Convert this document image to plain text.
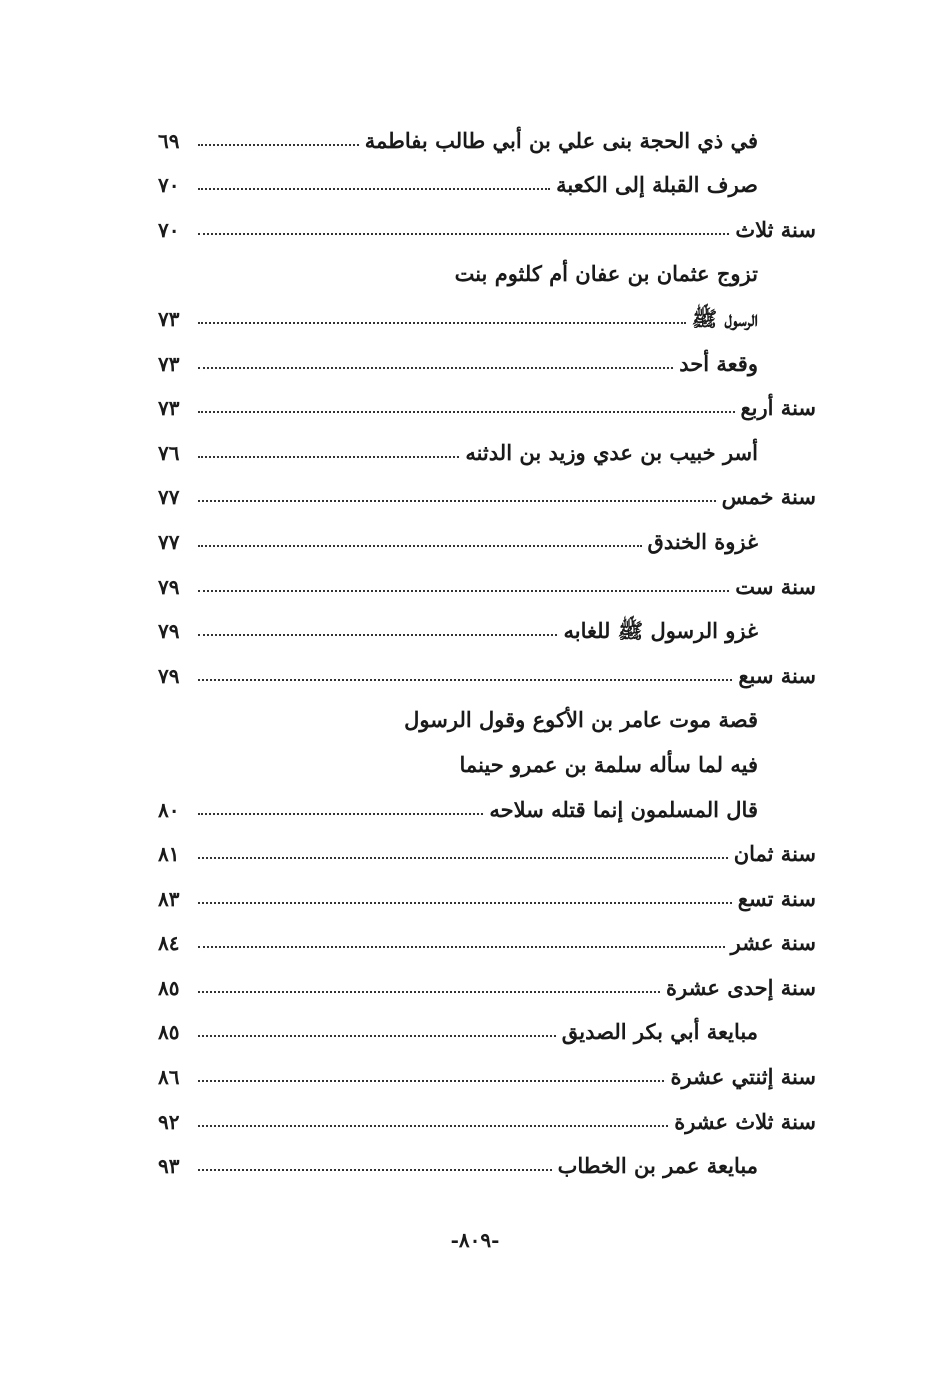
في ذي الحجة بنى علي بن أبي طالب بفاطمة
٦٩
صرف القبلة إلى الكعبة
٧٠
سنة ثلاث
٧٠
تزوج عثمان بن عفان أم كلثوم بنت
الرسول ﷺ
٧٣
وقعة أحد
٧٣
سنة أربع
٧٣
أسر خبيب بن عدي وزيد بن الدثنه
٧٦
سنة خمس
٧٧
غزوة الخندق
٧٧
سنة ست
٧٩
غزو الرسول ﷺ للغابه
٧٩
سنة سبع
٧٩
قصة موت عامر بن الأكوع وقول الرسول
فيه لما سأله سلمة بن عمرو حينما
قال المسلمون إنما قتله سلاحه
٨٠
سنة ثمان
٨١
سنة تسع
٨٣
سنة عشر
٨٤
سنة إحدى عشرة
٨٥
مبايعة أبي بكر الصديق
٨٥
سنة إثنتي عشرة
٨٦
سنة ثلاث عشرة
٩٢
مبايعة عمر بن الخطاب
٩٣
-٨٠٩-
